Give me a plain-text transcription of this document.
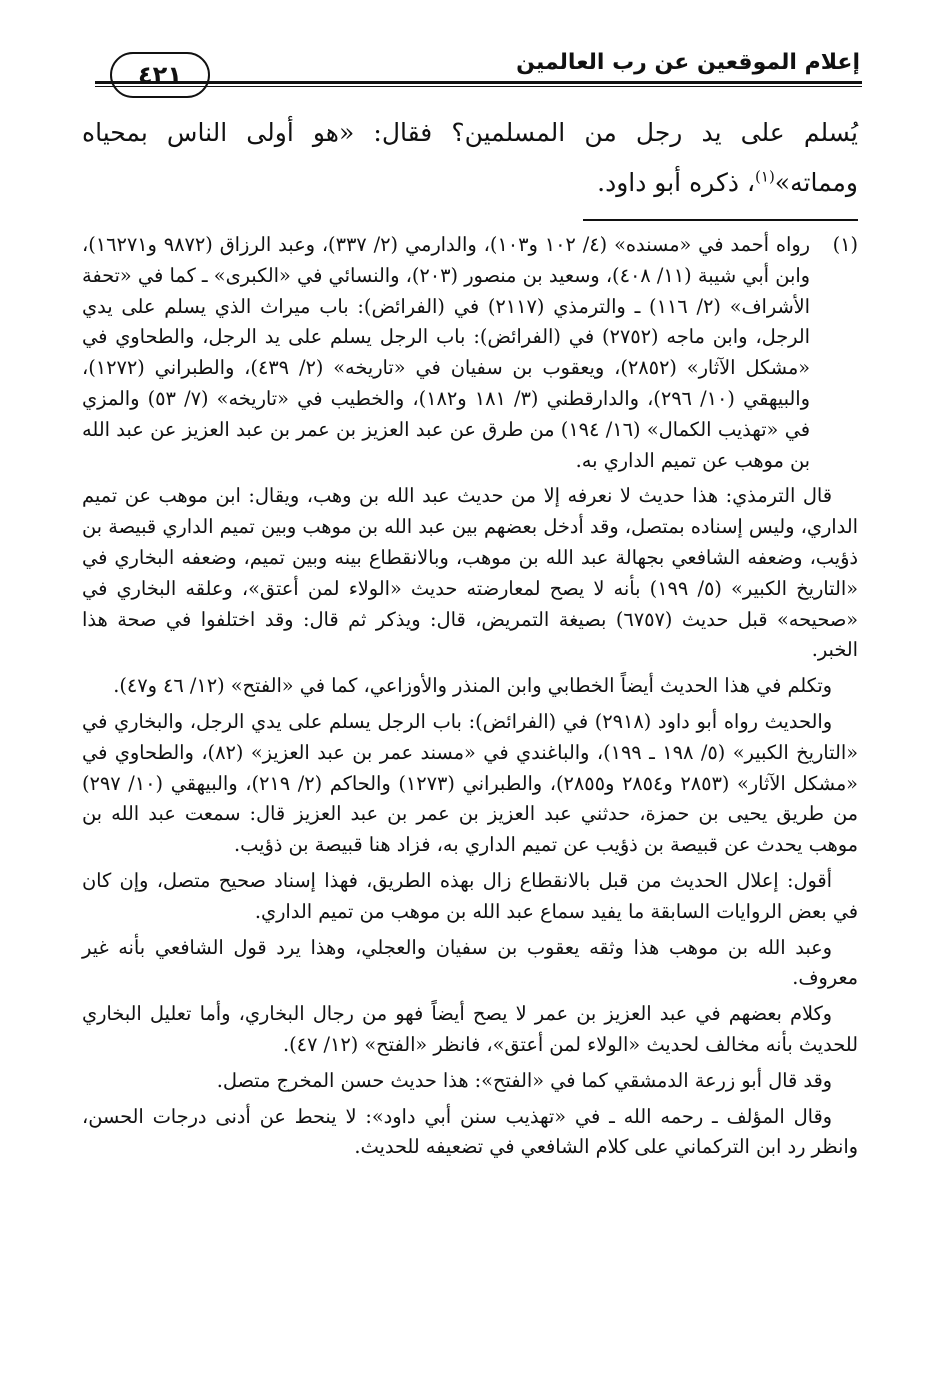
إعلام الموقعين عن رب العالمين
٤٢١

يُسلم على يد رجل من المسلمين؟ فقال: «هو أولى الناس بمحياه ومماته»$^{(١)}$، ذكره أبو داود.

(١)
رواه أحمد في «مسنده» (٤/ ١٠٢ و١٠٣)، والدارمي (٢/ ٣٣٧)، وعبد الرزاق (٩٨٧٢ و١٦٢٧١)، وابن أبي شيبة (١١/ ٤٠٨)، وسعيد بن منصور (٢٠٣)، والنسائي في «الكبرى» ـ كما في «تحفة الأشراف» (٢/ ١١٦) ـ والترمذي (٢١١٧) في (الفرائض): باب ميراث الذي يسلم على يدي الرجل، وابن ماجه (٢٧٥٢) في (الفرائض): باب الرجل يسلم على يد الرجل، والطحاوي في «مشكل الآثار» (٢٨٥٢)، ويعقوب بن سفيان في «تاريخه» (٢/ ٤٣٩)، والطبراني (١٢٧٢)، والبيهقي (١٠/ ٢٩٦)، والدارقطني (٣/ ١٨١ و١٨٢)، والخطيب في «تاريخه» (٧/ ٥٣) والمزي في «تهذيب الكمال» (١٦/ ١٩٤) من طرق عن عبد العزيز بن عمر بن عبد العزيز عن عبد الله بن موهب عن تميم الداري به.

قال الترمذي: هذا حديث لا نعرفه إلا من حديث عبد الله بن وهب، ويقال: ابن موهب عن تميم الداري، وليس إسناده بمتصل، وقد أدخل بعضهم بين عبد الله بن موهب وبين تميم الداري قبيصة بن ذؤيب، وضعفه الشافعي بجهالة عبد الله بن موهب، وبالانقطاع بينه وبين تميم، وضعفه البخاري في «التاريخ الكبير» (٥/ ١٩٩) بأنه لا يصح لمعارضته حديث «الولاء لمن أعتق»، وعلقه البخاري في «صحيحه» قبل حديث (٦٧٥٧) بصيغة التمريض، قال: ويذكر ثم قال: وقد اختلفوا في صحة هذا الخبر.

وتكلم في هذا الحديث أيضاً الخطابي وابن المنذر والأوزاعي، كما في «الفتح» (١٢/ ٤٦ و٤٧).

والحديث رواه أبو داود (٢٩١٨) في (الفرائض): باب الرجل يسلم على يدي الرجل، والبخاري في «التاريخ الكبير» (٥/ ١٩٨ ـ ١٩٩)، والباغندي في «مسند عمر بن عبد العزيز» (٨٢)، والطحاوي في «مشكل الآثار» (٢٨٥٣ و٢٨٥٤ و٢٨٥٥)، والطبراني (١٢٧٣) والحاكم (٢/ ٢١٩)، والبيهقي (١٠/ ٢٩٧) من طريق يحيى بن حمزة، حدثني عبد العزيز بن عمر بن عبد العزيز قال: سمعت عبد الله بن موهب يحدث عن قبيصة بن ذؤيب عن تميم الداري به، فزاد هنا قبيصة بن ذؤيب.

أقول: إعلال الحديث من قبل بالانقطاع زال بهذه الطريق، فهذا إسناد صحيح متصل، وإن كان في بعض الروايات السابقة ما يفيد سماع عبد الله بن موهب من تميم الداري.

وعبد الله بن موهب هذا وثقه يعقوب بن سفيان والعجلي، وهذا يرد قول الشافعي بأنه غير معروف.

وكلام بعضهم في عبد العزيز بن عمر لا يصح أيضاً فهو من رجال البخاري، وأما تعليل البخاري للحديث بأنه مخالف لحديث «الولاء لمن أعتق»، فانظر «الفتح» (١٢/ ٤٧).

وقد قال أبو زرعة الدمشقي كما في «الفتح»: هذا حديث حسن المخرج متصل.

وقال المؤلف ـ رحمه الله ـ في «تهذيب سنن أبي داود»: لا ينحط عن أدنى درجات الحسن، وانظر رد ابن التركماني على كلام الشافعي في تضعيفه للحديث.
